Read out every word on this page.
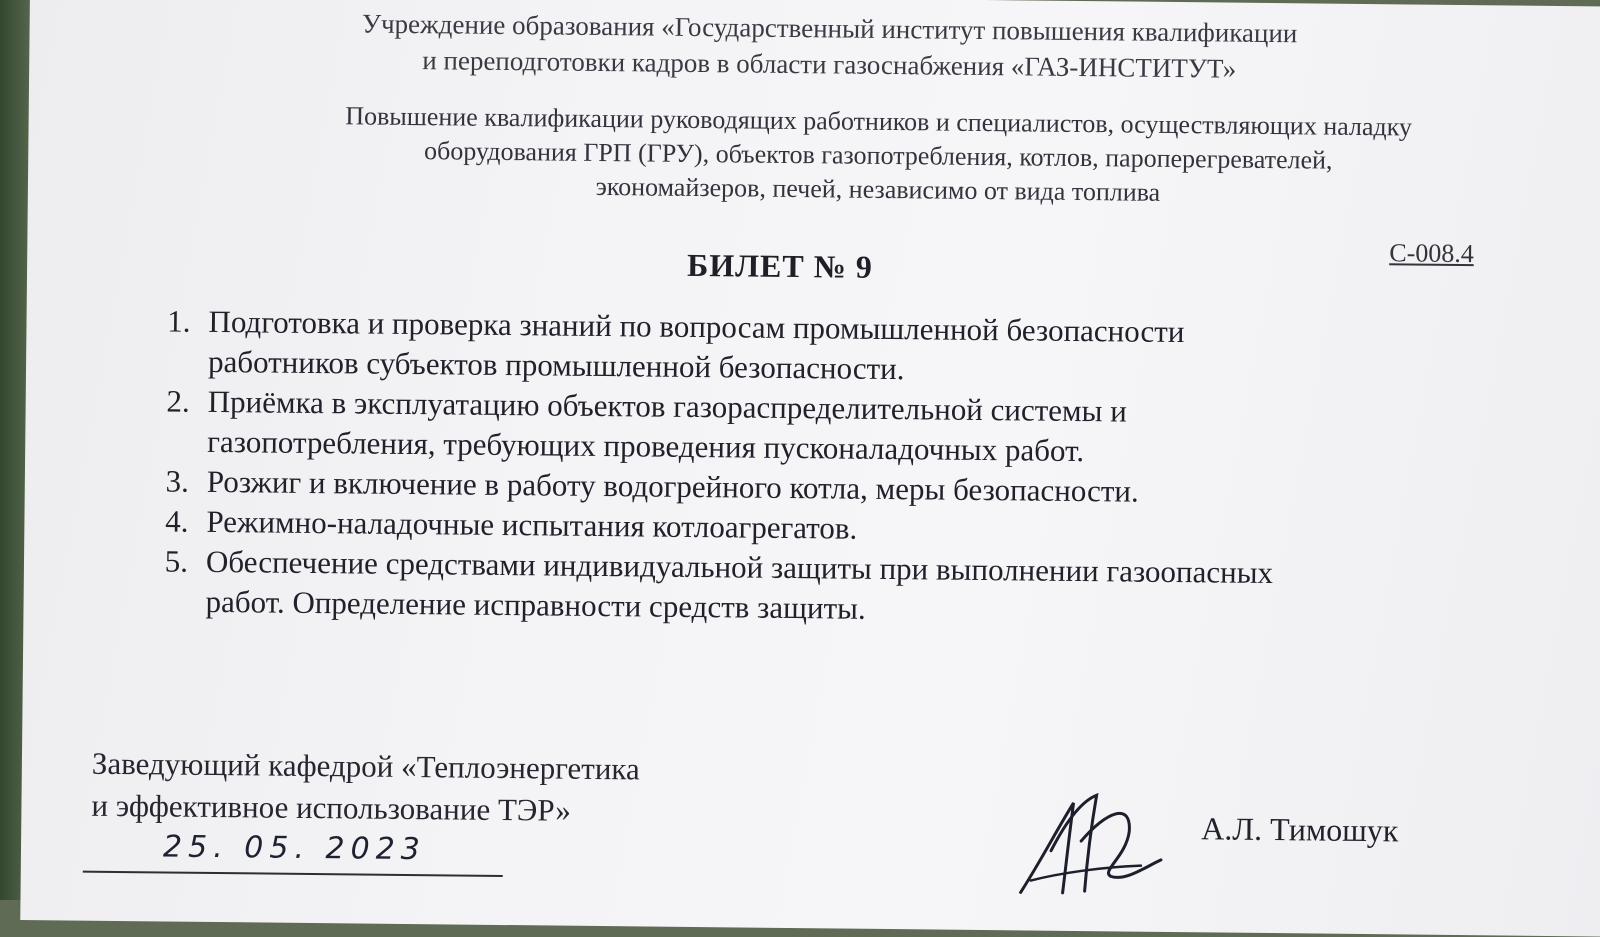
Учреждение образования «Государственный институт повышения квалификации
и переподготовки кадров в области газоснабжения «ГАЗ-ИНСТИТУТ»
Повышение квалификации руководящих работников и специалистов, осуществляющих наладку
оборудования ГРП (ГРУ), объектов газопотребления, котлов, пароперегревателей,
экономайзеров, печей, независимо от вида топлива
С-008.4
БИЛЕТ № 9
1. Подготовка и проверка знаний по вопросам промышленной безопасности
работников субъектов промышленной безопасности.
2. Приёмка в эксплуатацию объектов газораспределительной системы и
газопотребления, требующих проведения пусконаладочных работ.
3. Розжиг и включение в работу водогрейного котла, меры безопасности.
4. Режимно-наладочные испытания котлоагрегатов.
5. Обеспечение средствами индивидуальной защиты при выполнении газоопасных
работ. Определение исправности средств защиты.
Заведующий кафедрой «Теплоэнергетика
и эффективное использование ТЭР»
25. 05. 2023	А.Л. Тимошук
